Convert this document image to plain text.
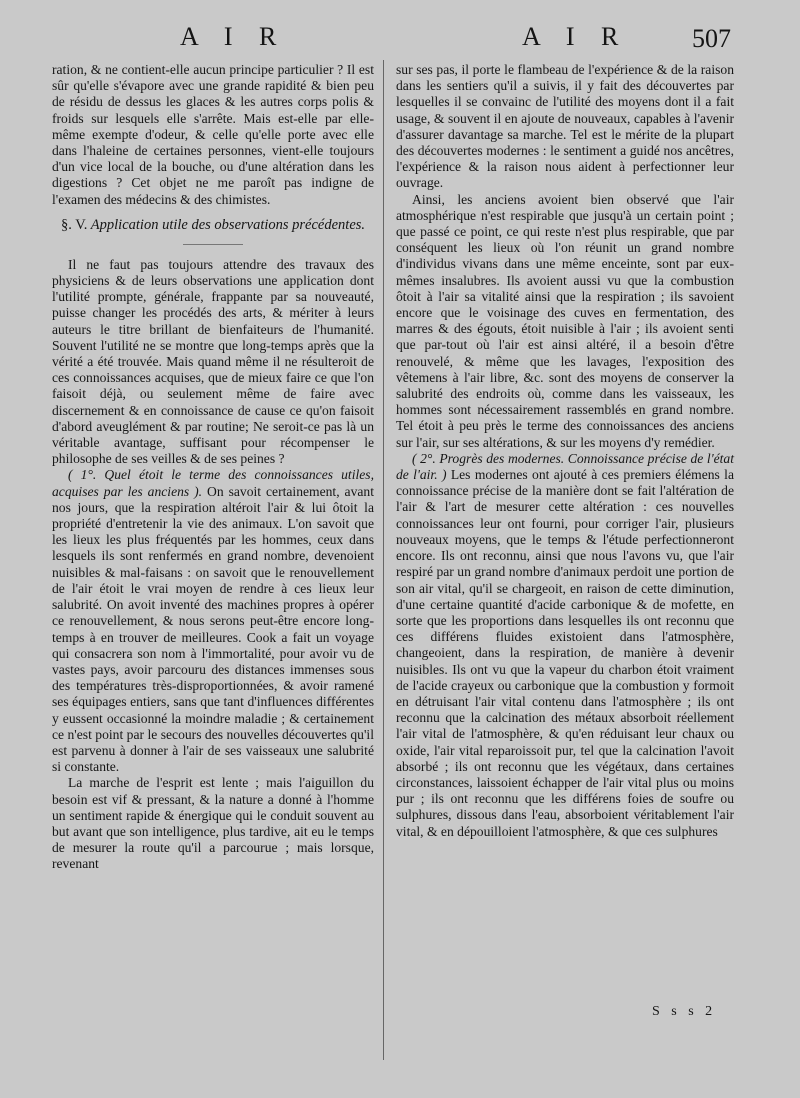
A I R	A I R 507

ration, & ne contient-elle aucun principe particulier ? Il est sûr qu'elle s'évapore avec une grande rapidité & bien peu de résidu de dessus les glaces & les autres corps polis & froids sur lesquels elle s'arrête. Mais est-elle par elle-même exempte d'odeur, & celle qu'elle porte avec elle dans l'haleine de certaines personnes, vient-elle toujours d'un vice local de la bouche, ou d'une altération dans les digestions ? Cet objet ne me paroît pas indigne de l'examen des médecins & des chimistes.

§. V. Application utile des observations précédentes.

Il ne faut pas toujours attendre des travaux des physiciens & de leurs observations une application dont l'utilité prompte, générale, frappante par sa nouveauté, puisse changer les procédés des arts, & mériter à leurs auteurs le titre brillant de bienfaiteurs de l'humanité. Souvent l'utilité ne se montre que long-temps après que la vérité a été trouvée. Mais quand même il ne résulteroit de ces connoissances acquises, que de mieux faire ce que l'on faisoit déjà, ou seulement même de faire avec discernement & en connoissance de cause ce qu'on faisoit d'abord aveuglément & par routine; Ne seroit-ce pas là un véritable avantage, suffisant pour récompenser le philosophe de ses veilles & de ses peines ?

( 1°. Quel étoit le terme des connoissances utiles, acquises par les anciens ). On savoit certainement, avant nos jours, que la respiration altéroit l'air & lui ôtoit la propriété d'entretenir la vie des animaux. L'on savoit que les lieux les plus fréquentés par les hommes, ceux dans lesquels ils sont renfermés en grand nombre, devenoient nuisibles & mal-faisans : on savoit que le renouvellement de l'air étoit le vrai moyen de rendre à ces lieux leur salubrité. On avoit inventé des machines propres à opérer ce renouvellement, & nous serons peut-être encore long-temps à en trouver de meilleures. Cook a fait un voyage qui consacrera son nom à l'immortalité, pour avoir vu de vastes pays, avoir parcouru des distances immenses sous des températures très-disproportionnées, & avoir ramené ses équipages entiers, sans que tant d'influences différentes y eussent occasionné la moindre maladie ; & certainement ce n'est point par le secours des nouvelles découvertes qu'il est parvenu à donner à l'air de ses vaisseaux une salubrité si constante.

La marche de l'esprit est lente ; mais l'aiguillon du besoin est vif & pressant, & la nature a donné à l'homme un sentiment rapide & énergique qui le conduit souvent au but avant que son intelligence, plus tardive, ait eu le temps de mesurer la route qu'il a parcourue ; mais lorsque, revenant

sur ses pas, il porte le flambeau de l'expérience & de la raison dans les sentiers qu'il a suivis, il y fait des découvertes par lesquelles il se convainc de l'utilité des moyens dont il a fait usage, & souvent il en ajoute de nouveaux, capables à l'avenir d'assurer davantage sa marche. Tel est le mérite de la plupart des découvertes modernes : le sentiment a guidé nos ancêtres, l'expérience & la raison nous aident à perfectionner leur ouvrage.

Ainsi, les anciens avoient bien observé que l'air atmosphérique n'est respirable que jusqu'à un certain point ; que passé ce point, ce qui reste n'est plus respirable, que par conséquent les lieux où l'on réunit un grand nombre d'individus vivans dans une même enceinte, sont par eux-mêmes insalubres. Ils avoient aussi vu que la combustion ôtoit à l'air sa vitalité ainsi que la respiration ; ils savoient encore que le voisinage des cuves en fermentation, des marres & des égouts, étoit nuisible à l'air ; ils avoient senti que par-tout où l'air est ainsi altéré, il a besoin d'être renouvelé, & même que les lavages, l'exposition des vêtemens à l'air libre, &c. sont des moyens de conserver la salubrité des endroits où, comme dans les vaisseaux, les hommes sont nécessairement rassemblés en grand nombre. Tel étoit à peu près le terme des connoissances des anciens sur l'air, sur ses altérations, & sur les moyens d'y remédier.

( 2°. Progrès des modernes. Connoissance précise de l'état de l'air. ) Les modernes ont ajouté à ces premiers élémens la connoissance précise de la manière dont se fait l'altération de l'air & l'art de mesurer cette altération : ces nouvelles connoissances leur ont fourni, pour corriger l'air, plusieurs nouveaux moyens, que le temps & l'étude perfectionneront encore. Ils ont reconnu, ainsi que nous l'avons vu, que l'air respiré par un grand nombre d'animaux perdoit une portion de son air vital, qu'il se chargeoit, en raison de cette diminution, d'une certaine quantité d'acide carbonique & de mofette, en sorte que les proportions dans lesquelles ils ont reconnu que ces différens fluides existoient dans l'atmosphère, changeoient, dans la respiration, de manière à devenir nuisibles. Ils ont vu que la vapeur du charbon étoit vraiment de l'acide crayeux ou carbonique que la combustion y formoit en détruisant l'air vital contenu dans l'atmosphère ; ils ont reconnu que la calcination des métaux absorboit réellement l'air vital de l'atmosphère, & qu'en réduisant leur chaux ou oxide, l'air vital reparoissoit pur, tel que la calcination l'avoit absorbé ; ils ont reconnu que les végétaux, dans certaines circonstances, laissoient échapper de l'air vital plus ou moins pur ; ils ont reconnu que les différens foies de soufre ou sulphures, dissous dans l'eau, absorboient véritablement l'air vital, & en dépouilloient l'atmosphère, & que ces sulphures

S s s 2
